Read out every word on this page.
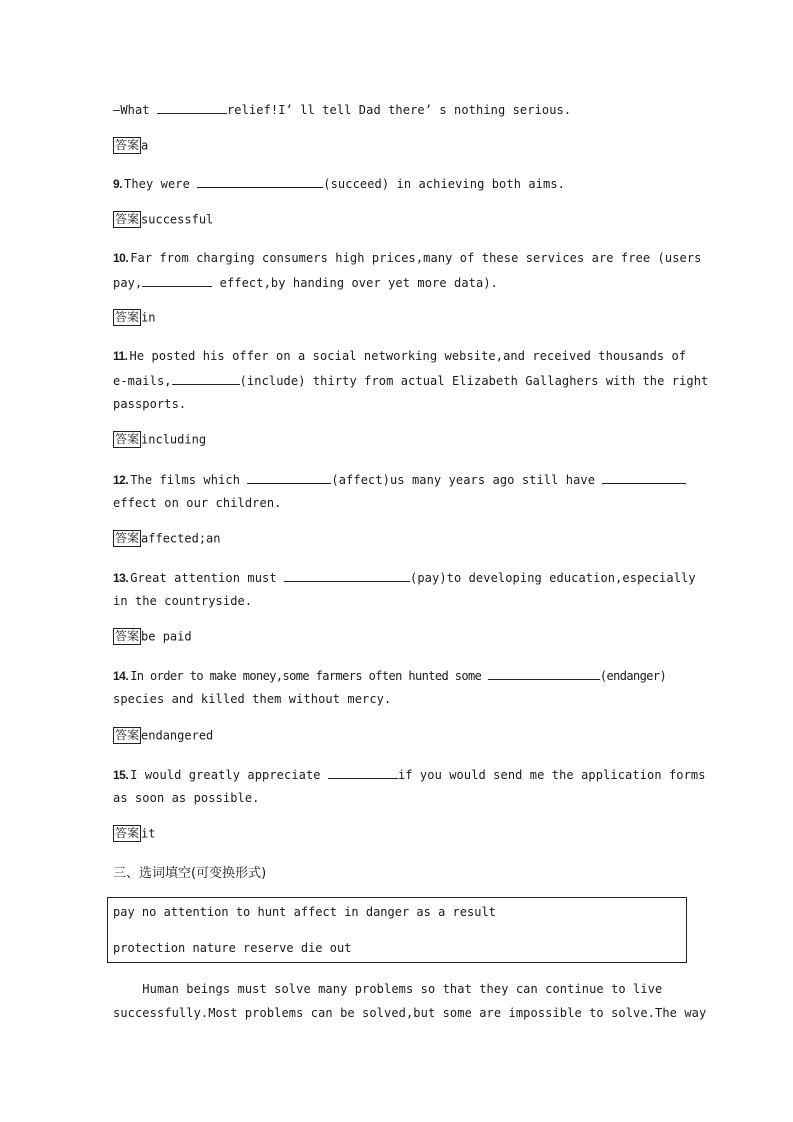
—What	relief!I’ ll tell Dad there’ s nothing serious.
答案 a
9. They were	(succeed) in achieving both aims.
答案 successful
10. Far from charging consumers high prices,many of these services are free (users
pay,	effect,by handing over yet more data).
答案 in
11. He posted his offer on a social networking website,and received thousands of
e-mails,	(include) thirty from actual Elizabeth Gallaghers with the right
passports.
答案 including
12. The films which	(affect)us many years ago still have
effect on our children.
答案 affected;an
13. Great attention must	(pay)to developing education,especially
in the countryside.
答案 be paid
14. In order to make money,some farmers often hunted some	(endanger)
species and killed them without mercy.
答案 endangered
15. I would greatly appreciate	if you would send me the application forms
as soon as possible.
答案 it
三、选词填空(可变换形式)
pay no attention to hunt affect in danger as a result
protection nature reserve die out
Human beings must solve many problems so that they can continue to live
successfully.Most problems can be solved,but some are impossible to solve.The way
